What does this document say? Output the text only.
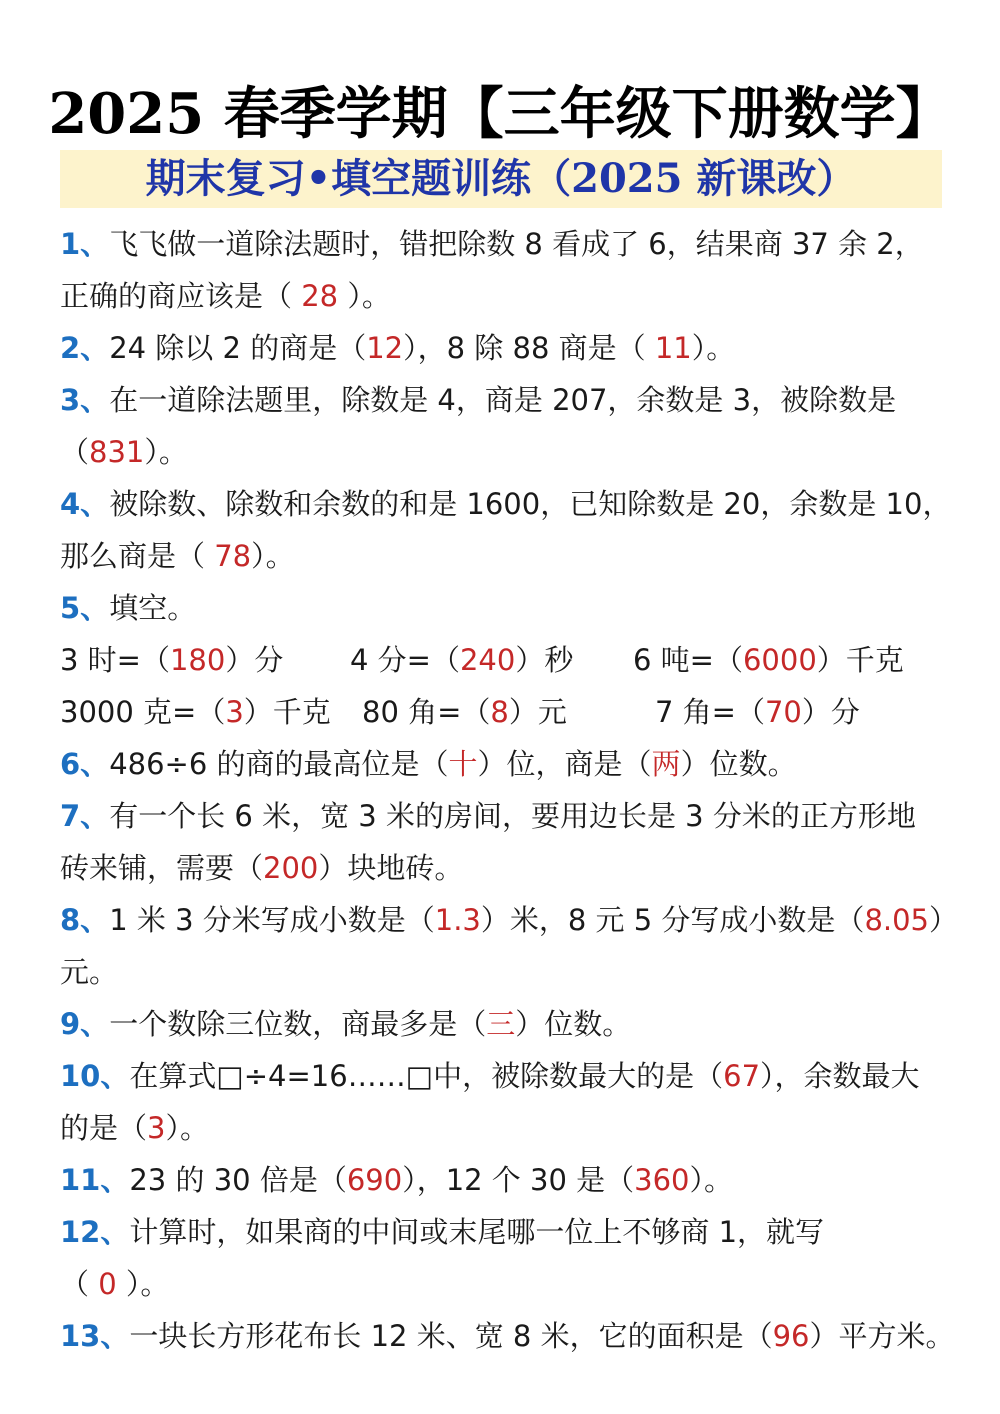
2025 春季学期【三年级下册数学】
期末复习•填空题训练（2025 新课改）
1、飞飞做一道除法题时，错把除数 8 看成了 6，结果商 37 余 2，
正确的商应该是（ 28 ）。
2、24 除以 2 的商是（12），8 除 88 商是（ 11）。
3、在一道除法题里，除数是 4，商是 207，余数是 3，被除数是
（831）。
4、被除数、除数和余数的和是 1600，已知除数是 20，余数是 10，
那么商是（ 78）。
5、填空。
3 时=（180）分 4 分=（240）秒 6 吨=（6000）千克
3000 克=（3）千克 80 角=（8）元	7 角=（70）分
6、486÷6 的商的最高位是（十）位，商是（两）位数。
7、有一个长 6 米，宽 3 米的房间，要用边长是 3 分米的正方形地
砖来铺，需要（200）块地砖。
8、1 米 3 分米写成小数是（1.3）米，8 元 5 分写成小数是（8.05）
元。
9、一个数除三位数，商最多是（三）位数。
10、在算式□÷4=16……□中，被除数最大的是（67），余数最大
的是（3）。
11、23 的 30 倍是（690），12 个 30 是（360）。
12、计算时，如果商的中间或末尾哪一位上不够商 1，就写
（ 0 ）。
13、一块长方形花布长 12 米、宽 8 米，它的面积是（96）平方米。
